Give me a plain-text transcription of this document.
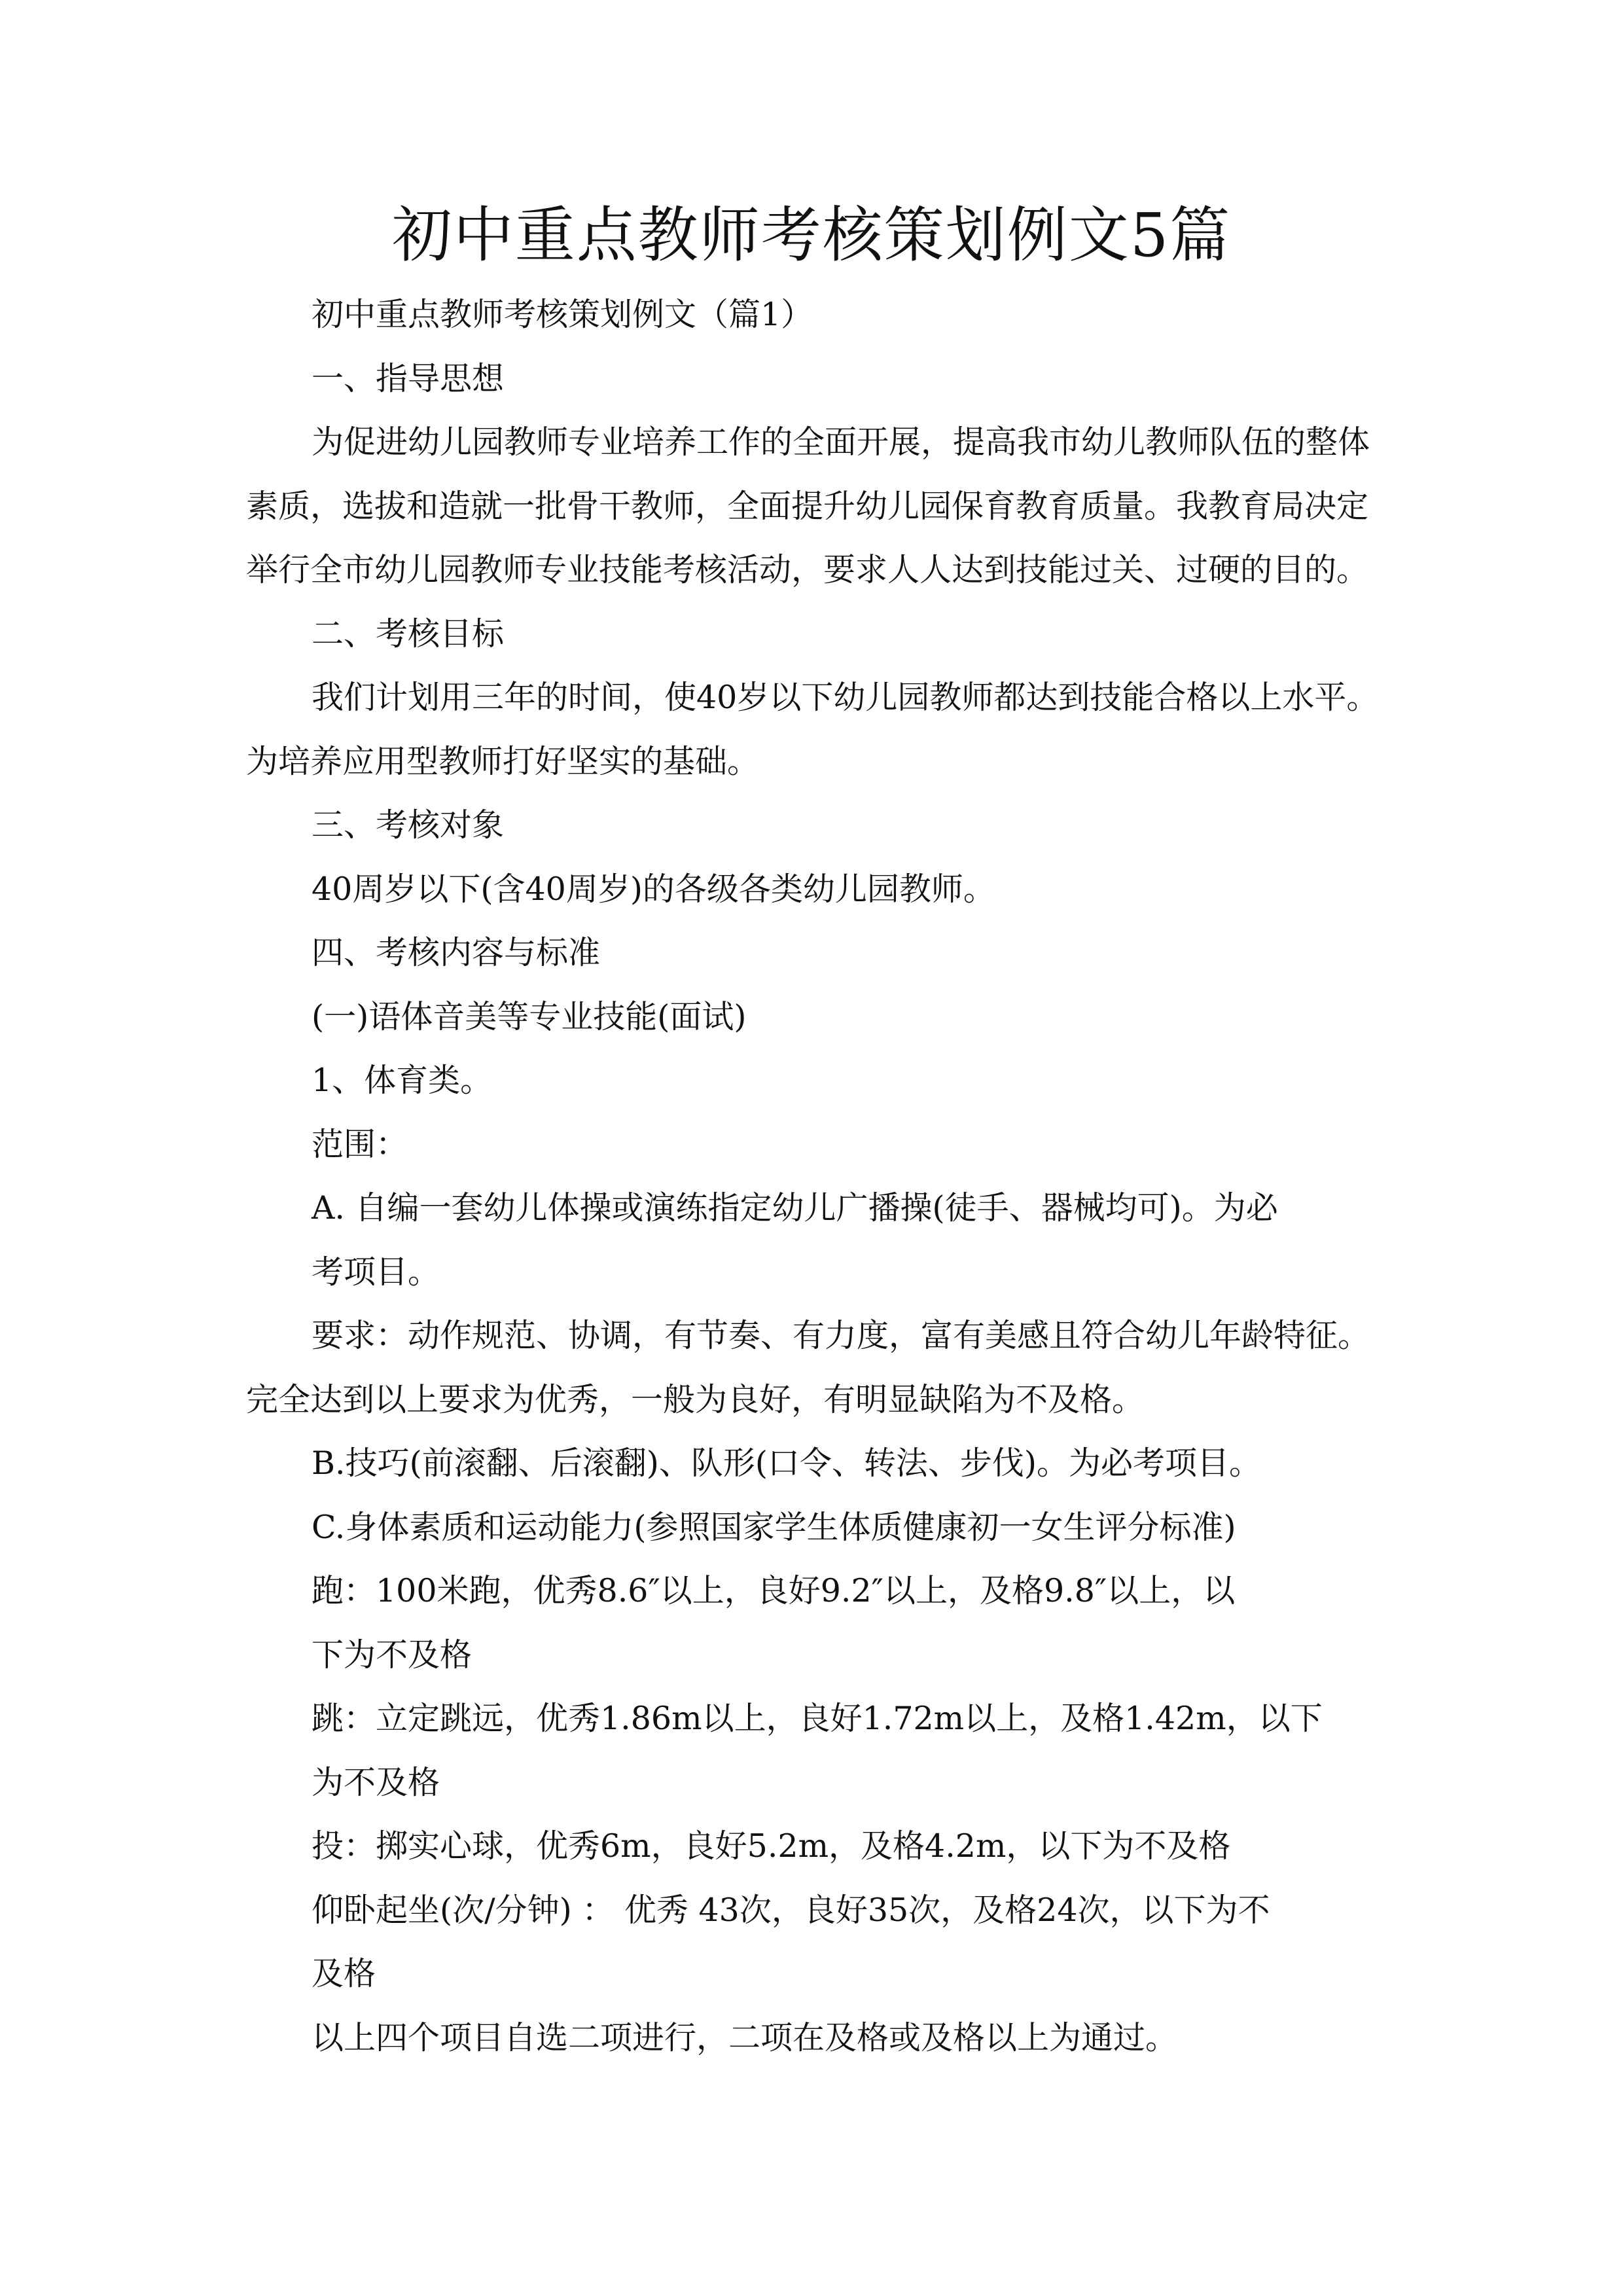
初中重点教师考核策划例文5篇
初中重点教师考核策划例文（篇1）
一、指导思想
为促进幼儿园教师专业培养工作的全面开展，提高我市幼儿教师队伍的整体
素质，选拔和造就一批骨干教师，全面提升幼儿园保育教育质量。我教育局决定
举行全市幼儿园教师专业技能考核活动，要求人人达到技能过关、过硬的目的。
二、考核目标
我们计划用三年的时间，使40岁以下幼儿园教师都达到技能合格以上水平。
为培养应用型教师打好坚实的基础。
三、考核对象
40周岁以下(含40周岁)的各级各类幼儿园教师。
四、考核内容与标准
(一)语体音美等专业技能(面试)
1、体育类。
范围：
A. 自编一套幼儿体操或演练指定幼儿广播操(徒手、器械均可)。为必
考项目。
要求：动作规范、协调，有节奏、有力度，富有美感且符合幼儿年龄特征。
完全达到以上要求为优秀，一般为良好，有明显缺陷为不及格。
B.技巧(前滚翻、后滚翻)、队形(口令、转法、步伐)。为必考项目。
C.身体素质和运动能力(参照国家学生体质健康初一女生评分标准)
跑：100米跑，优秀8.6″以上，良好9.2″以上，及格9.8″以上，以
下为不及格
跳：立定跳远，优秀1.86m以上，良好1.72m以上，及格1.42m，以下
为不及格
投：掷实心球，优秀6m，良好5.2m，及格4.2m，以下为不及格
仰卧起坐(次/分钟) ： 优秀 43次，良好35次，及格24次，以下为不
及格
以上四个项目自选二项进行，二项在及格或及格以上为通过。
